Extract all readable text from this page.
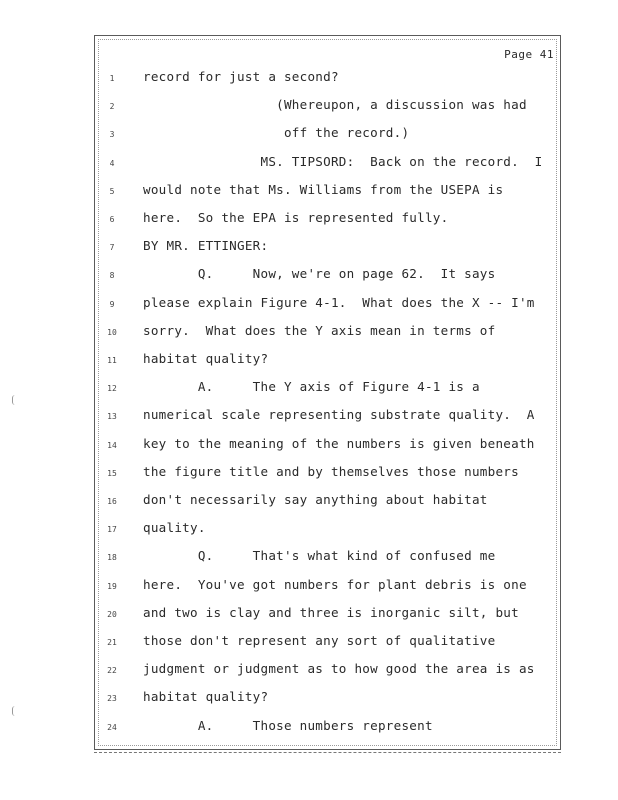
Page 41
1	record for just a second?
2	(Whereupon, a discussion was had
3	off the record.)
4	MS. TIPSORD:  Back on the record.  I
5	would note that Ms. Williams from the USEPA is
6	here.  So the EPA is represented fully.
7	BY MR. ETTINGER:
8	Q.     Now, we're on page 62.  It says
9	please explain Figure 4-1.  What does the X -- I'm
10	sorry.  What does the Y axis mean in terms of
11	habitat quality?
12	A.     The Y axis of Figure 4-1 is a
13	numerical scale representing substrate quality.  A
14	key to the meaning of the numbers is given beneath
15	the figure title and by themselves those numbers
16	don't necessarily say anything about habitat
17	quality.
18	Q.     That's what kind of confused me
19	here.  You've got numbers for plant debris is one
20	and two is clay and three is inorganic silt, but
21	those don't represent any sort of qualitative
22	judgment or judgment as to how good the area is as
23	habitat quality?
24	A.     Those numbers represent
